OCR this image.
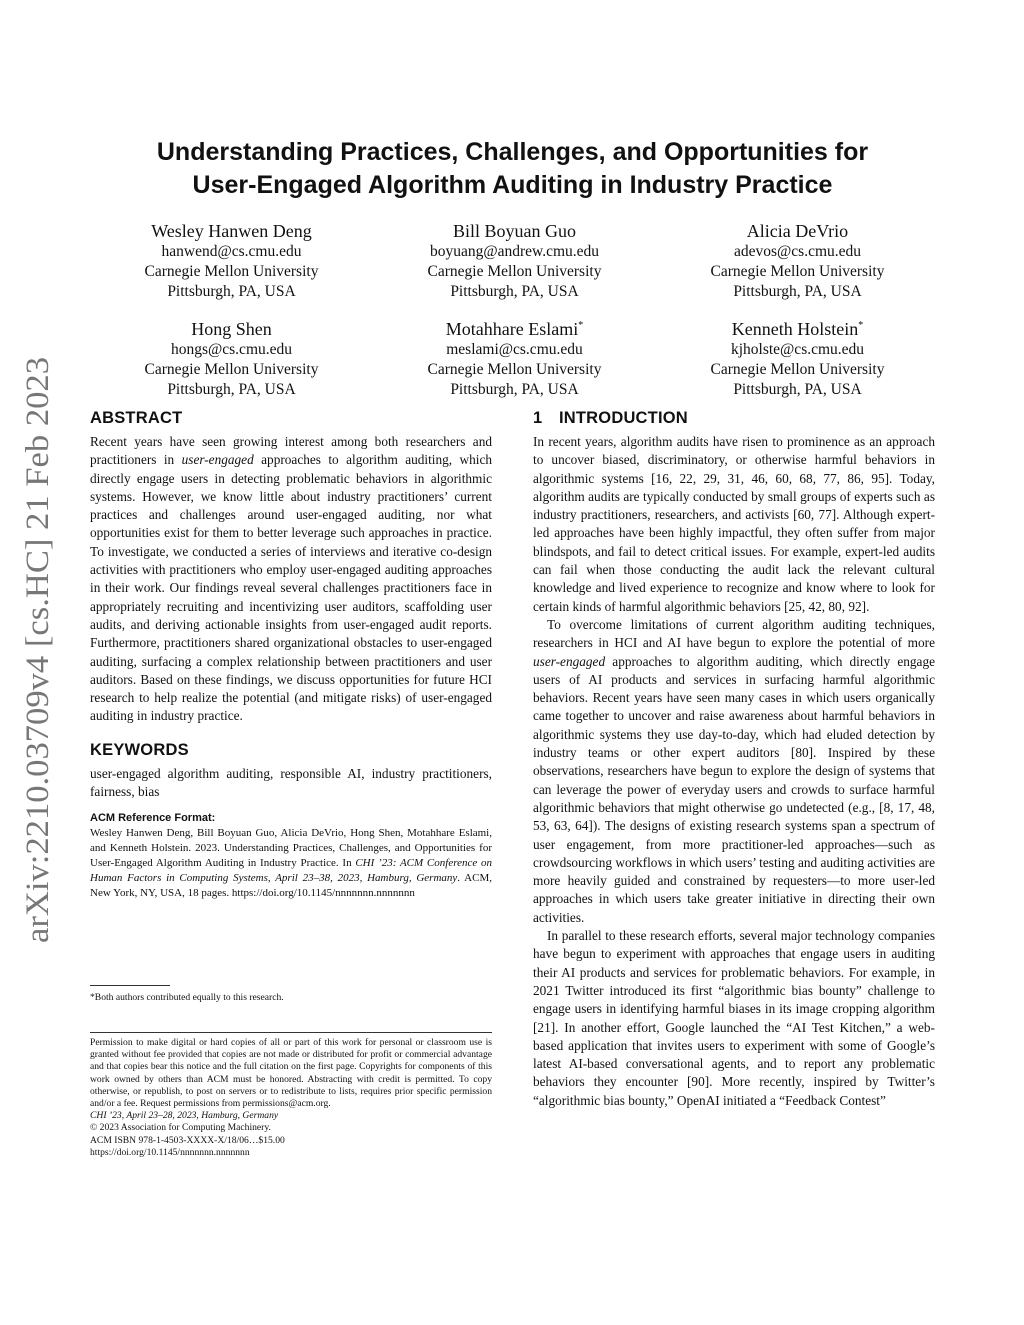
arXiv:2210.03709v4 [cs.HC] 21 Feb 2023
Understanding Practices, Challenges, and Opportunities for
User-Engaged Algorithm Auditing in Industry Practice
Wesley Hanwen Deng
hanwend@cs.cmu.edu
Carnegie Mellon University
Pittsburgh, PA, USA
Bill Boyuan Guo
boyuang@andrew.cmu.edu
Carnegie Mellon University
Pittsburgh, PA, USA
Alicia DeVrio
adevos@cs.cmu.edu
Carnegie Mellon University
Pittsburgh, PA, USA
Hong Shen
hongs@cs.cmu.edu
Carnegie Mellon University
Pittsburgh, PA, USA
Motahhare Eslami*
meslami@cs.cmu.edu
Carnegie Mellon University
Pittsburgh, PA, USA
Kenneth Holstein*
kjholste@cs.cmu.edu
Carnegie Mellon University
Pittsburgh, PA, USA
ABSTRACT

Recent years have seen growing interest among both researchers and practitioners in user-engaged approaches to algorithm auditing, which directly engage users in detecting problematic behaviors in algorithmic systems. However, we know little about industry practitioners’ current practices and challenges around user-engaged auditing, nor what opportunities exist for them to better leverage such approaches in practice. To investigate, we conducted a series of interviews and iterative co-design activities with practitioners who employ user-engaged auditing approaches in their work. Our findings reveal several challenges practitioners face in appropriately recruiting and incentivizing user auditors, scaffolding user audits, and deriving actionable insights from user-engaged audit reports. Furthermore, practitioners shared organizational obstacles to user-engaged auditing, surfacing a complex relationship between practitioners and user auditors. Based on these findings, we discuss opportunities for future HCI research to help realize the potential (and mitigate risks) of user-engaged auditing in industry practice.

KEYWORDS

user-engaged algorithm auditing, responsible AI, industry practitioners, fairness, bias

ACM Reference Format:
Wesley Hanwen Deng, Bill Boyuan Guo, Alicia DeVrio, Hong Shen, Motahhare Eslami, and Kenneth Holstein. 2023. Understanding Practices, Challenges, and Opportunities for User-Engaged Algorithm Auditing in Industry Practice. In CHI ’23: ACM Conference on Human Factors in Computing Systems, April 23–38, 2023, Hamburg, Germany. ACM, New York, NY, USA, 18 pages. https://doi.org/10.1145/nnnnnnn.nnnnnnn
*Both authors contributed equally to this research.
Permission to make digital or hard copies of all or part of this work for personal or classroom use is granted without fee provided that copies are not made or distributed for profit or commercial advantage and that copies bear this notice and the full citation on the first page. Copyrights for components of this work owned by others than ACM must be honored. Abstracting with credit is permitted. To copy otherwise, or republish, to post on servers or to redistribute to lists, requires prior specific permission and/or a fee. Request permissions from permissions@acm.org.
CHI ’23, April 23–28, 2023, Hamburg, Germany
© 2023 Association for Computing Machinery.
ACM ISBN 978-1-4503-XXXX-X/18/06…$15.00
https://doi.org/10.1145/nnnnnnn.nnnnnnn
1 INTRODUCTION

In recent years, algorithm audits have risen to prominence as an approach to uncover biased, discriminatory, or otherwise harmful behaviors in algorithmic systems [16, 22, 29, 31, 46, 60, 68, 77, 86, 95]. Today, algorithm audits are typically conducted by small groups of experts such as industry practitioners, researchers, and activists [60, 77]. Although expert-led approaches have been highly impactful, they often suffer from major blindspots, and fail to detect critical issues. For example, expert-led audits can fail when those conducting the audit lack the relevant cultural knowledge and lived experience to recognize and know where to look for certain kinds of harmful algorithmic behaviors [25, 42, 80, 92].

To overcome limitations of current algorithm auditing techniques, researchers in HCI and AI have begun to explore the potential of more user-engaged approaches to algorithm auditing, which directly engage users of AI products and services in surfacing harmful algorithmic behaviors. Recent years have seen many cases in which users organically came together to uncover and raise awareness about harmful behaviors in algorithmic systems they use day-to-day, which had eluded detection by industry teams or other expert auditors [80]. Inspired by these observations, researchers have begun to explore the design of systems that can leverage the power of everyday users and crowds to surface harmful algorithmic behaviors that might otherwise go undetected (e.g., [8, 17, 48, 53, 63, 64]). The designs of existing research systems span a spectrum of user engagement, from more practitioner-led approaches—such as crowdsourcing workflows in which users’ testing and auditing activities are more heavily guided and constrained by requesters—to more user-led approaches in which users take greater initiative in directing their own activities.

In parallel to these research efforts, several major technology companies have begun to experiment with approaches that engage users in auditing their AI products and services for problematic behaviors. For example, in 2021 Twitter introduced its first “algorithmic bias bounty” challenge to engage users in identifying harmful biases in its image cropping algorithm [21]. In another effort, Google launched the “AI Test Kitchen,” a web-based application that invites users to experiment with some of Google’s latest AI-based conversational agents, and to report any problematic behaviors they encounter [90]. More recently, inspired by Twitter’s “algorithmic bias bounty,” OpenAI initiated a “Feedback Contest”
